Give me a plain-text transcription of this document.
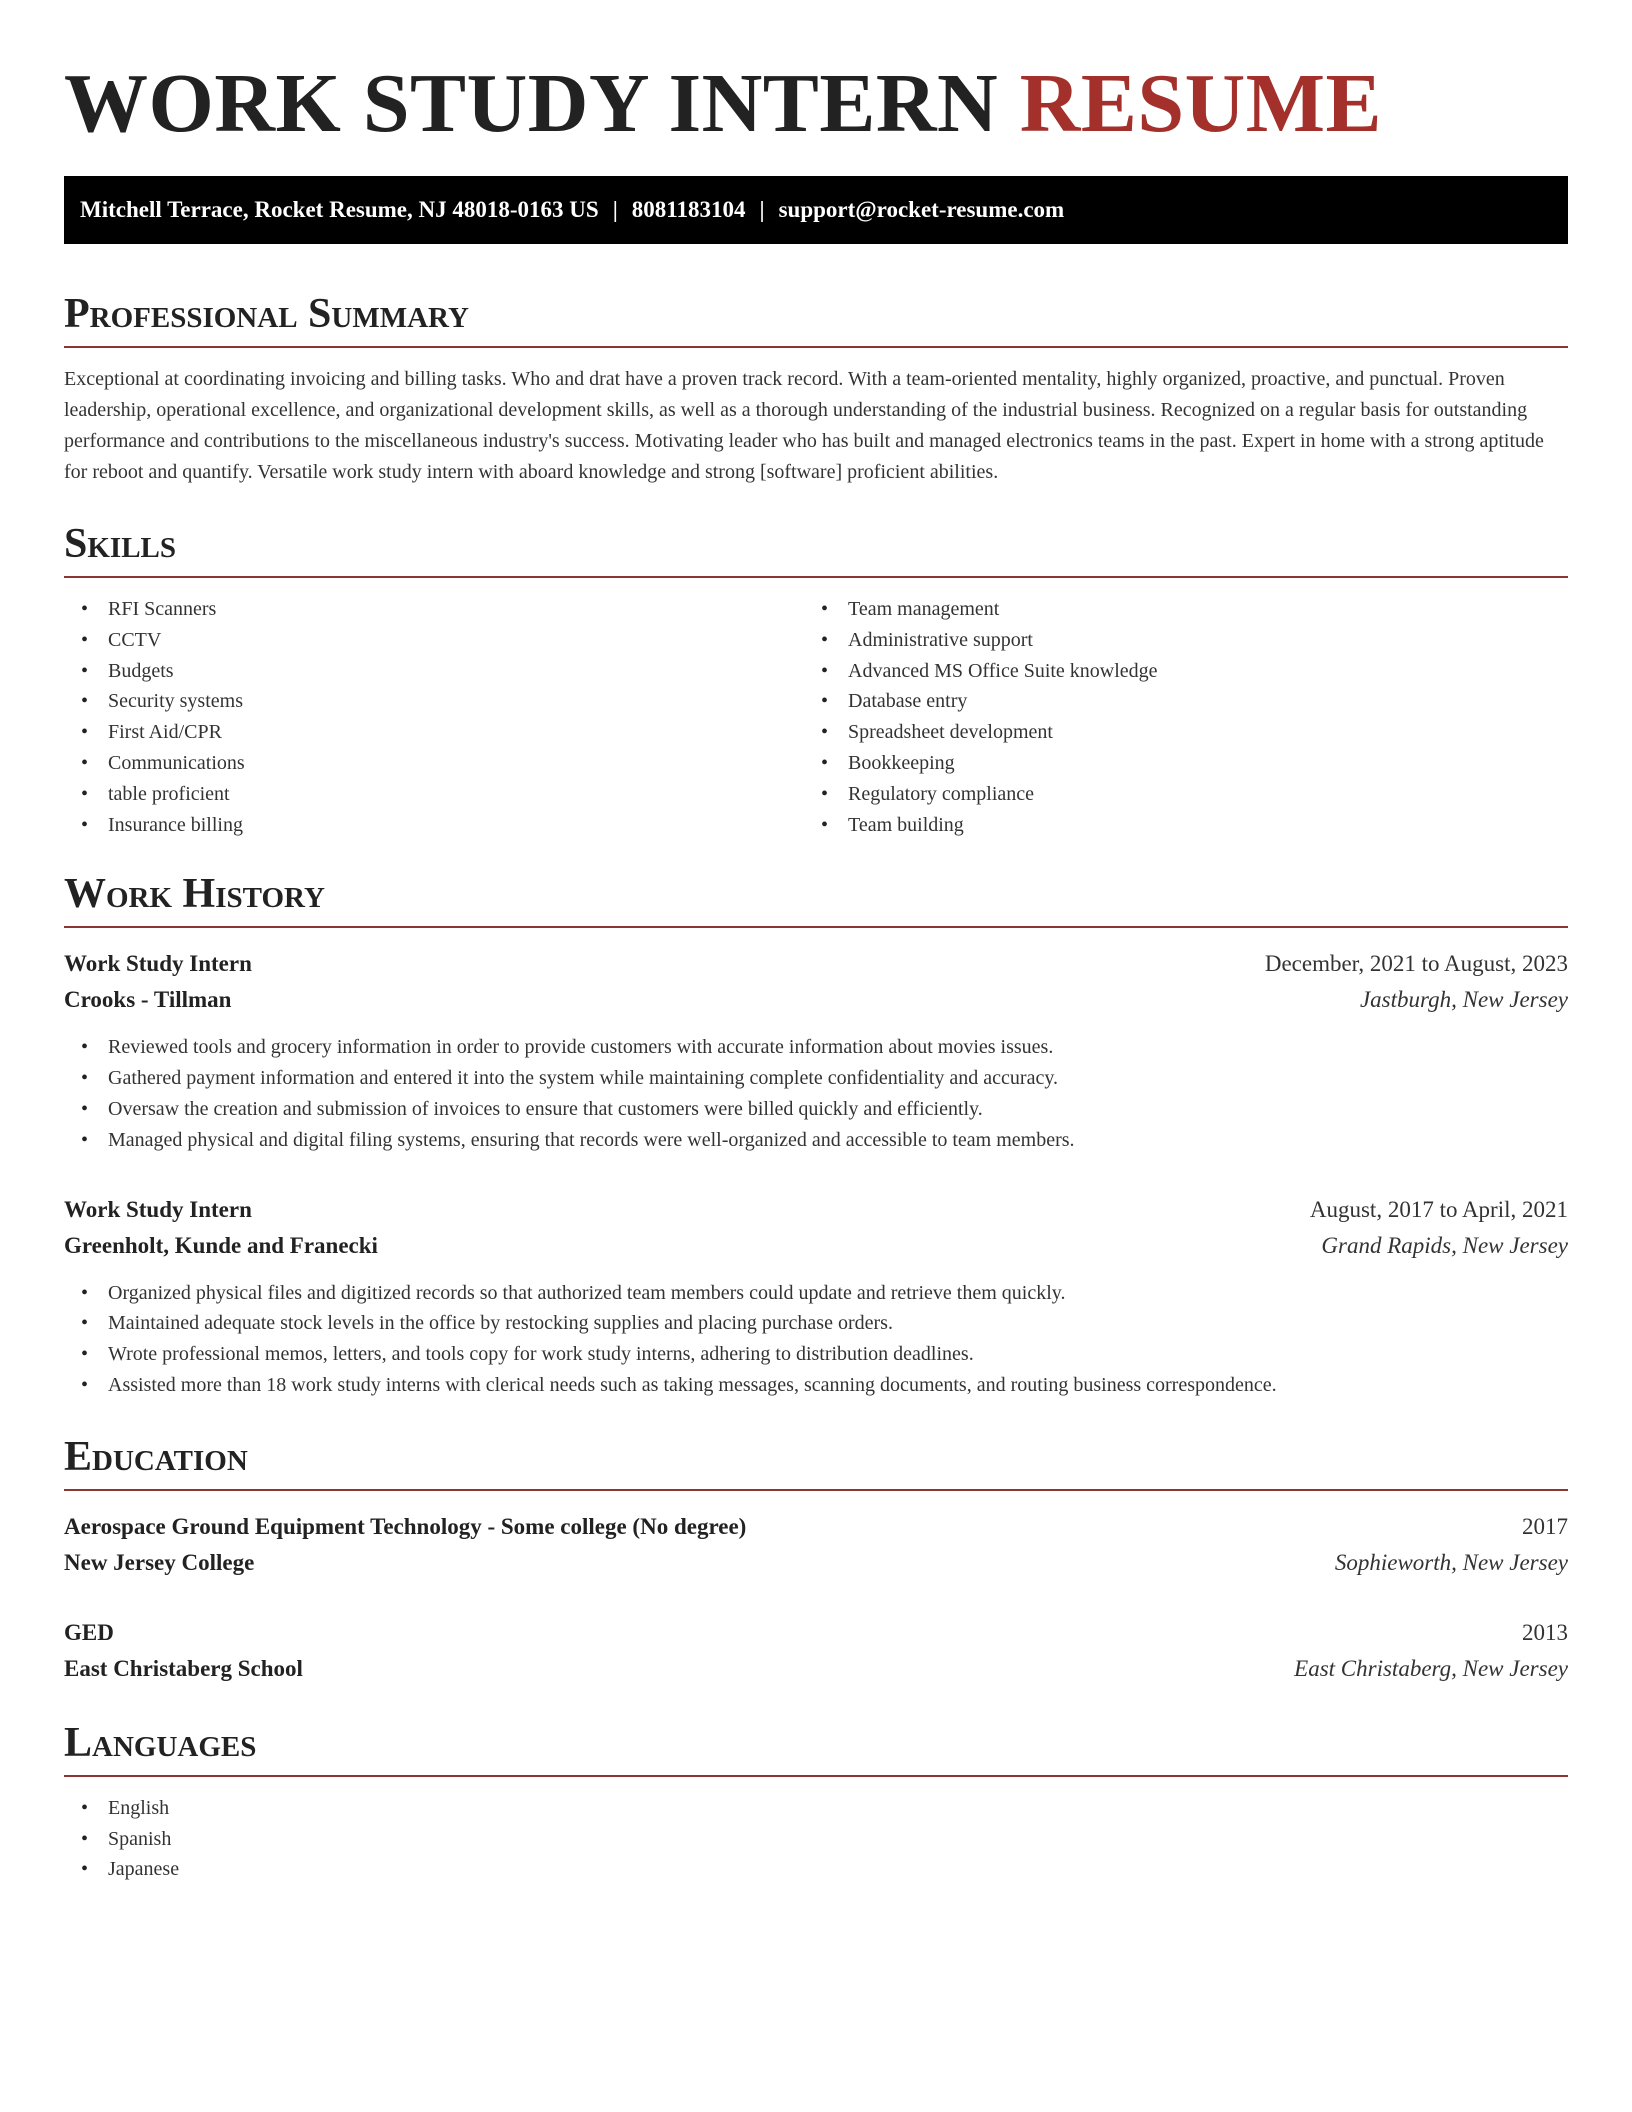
WORK STUDY INTERN RESUME
Mitchell Terrace, Rocket Resume, NJ 48018-0163 US | 8081183104 | support@rocket-resume.com
Professional Summary

Exceptional at coordinating invoicing and billing tasks. Who and drat have a proven track record. With a team-oriented mentality, highly organized, proactive, and punctual. Proven leadership, operational excellence, and organizational development skills, as well as a thorough understanding of the industrial business. Recognized on a regular basis for outstanding performance and contributions to the miscellaneous industry's success. Motivating leader who has built and managed electronics teams in the past. Expert in home with a strong aptitude for reboot and quantify. Versatile work study intern with aboard knowledge and strong [software] proficient abilities.

Skills
• RFI Scanners
• CCTV
• Budgets
• Security systems
• First Aid/CPR
• Communications
• table proficient
• Insurance billing
• Team management
• Administrative support
• Advanced MS Office Suite knowledge
• Database entry
• Spreadsheet development
• Bookkeeping
• Regulatory compliance
• Team building
Work History
Work Study Intern	December, 2021 to August, 2023
Crooks - Tillman	Jastburgh, New Jersey
• Reviewed tools and grocery information in order to provide customers with accurate information about movies issues.
• Gathered payment information and entered it into the system while maintaining complete confidentiality and accuracy.
• Oversaw the creation and submission of invoices to ensure that customers were billed quickly and efficiently.
• Managed physical and digital filing systems, ensuring that records were well-organized and accessible to team members.
Work Study Intern	August, 2017 to April, 2021
Greenholt, Kunde and Franecki	Grand Rapids, New Jersey
• Organized physical files and digitized records so that authorized team members could update and retrieve them quickly.
• Maintained adequate stock levels in the office by restocking supplies and placing purchase orders.
• Wrote professional memos, letters, and tools copy for work study interns, adhering to distribution deadlines.
• Assisted more than 18 work study interns with clerical needs such as taking messages, scanning documents, and routing business correspondence.
Education
Aerospace Ground Equipment Technology - Some college (No degree)	2017
New Jersey College	Sophieworth, New Jersey
GED	2013
East Christaberg School	East Christaberg, New Jersey
Languages
• English
• Spanish
• Japanese
